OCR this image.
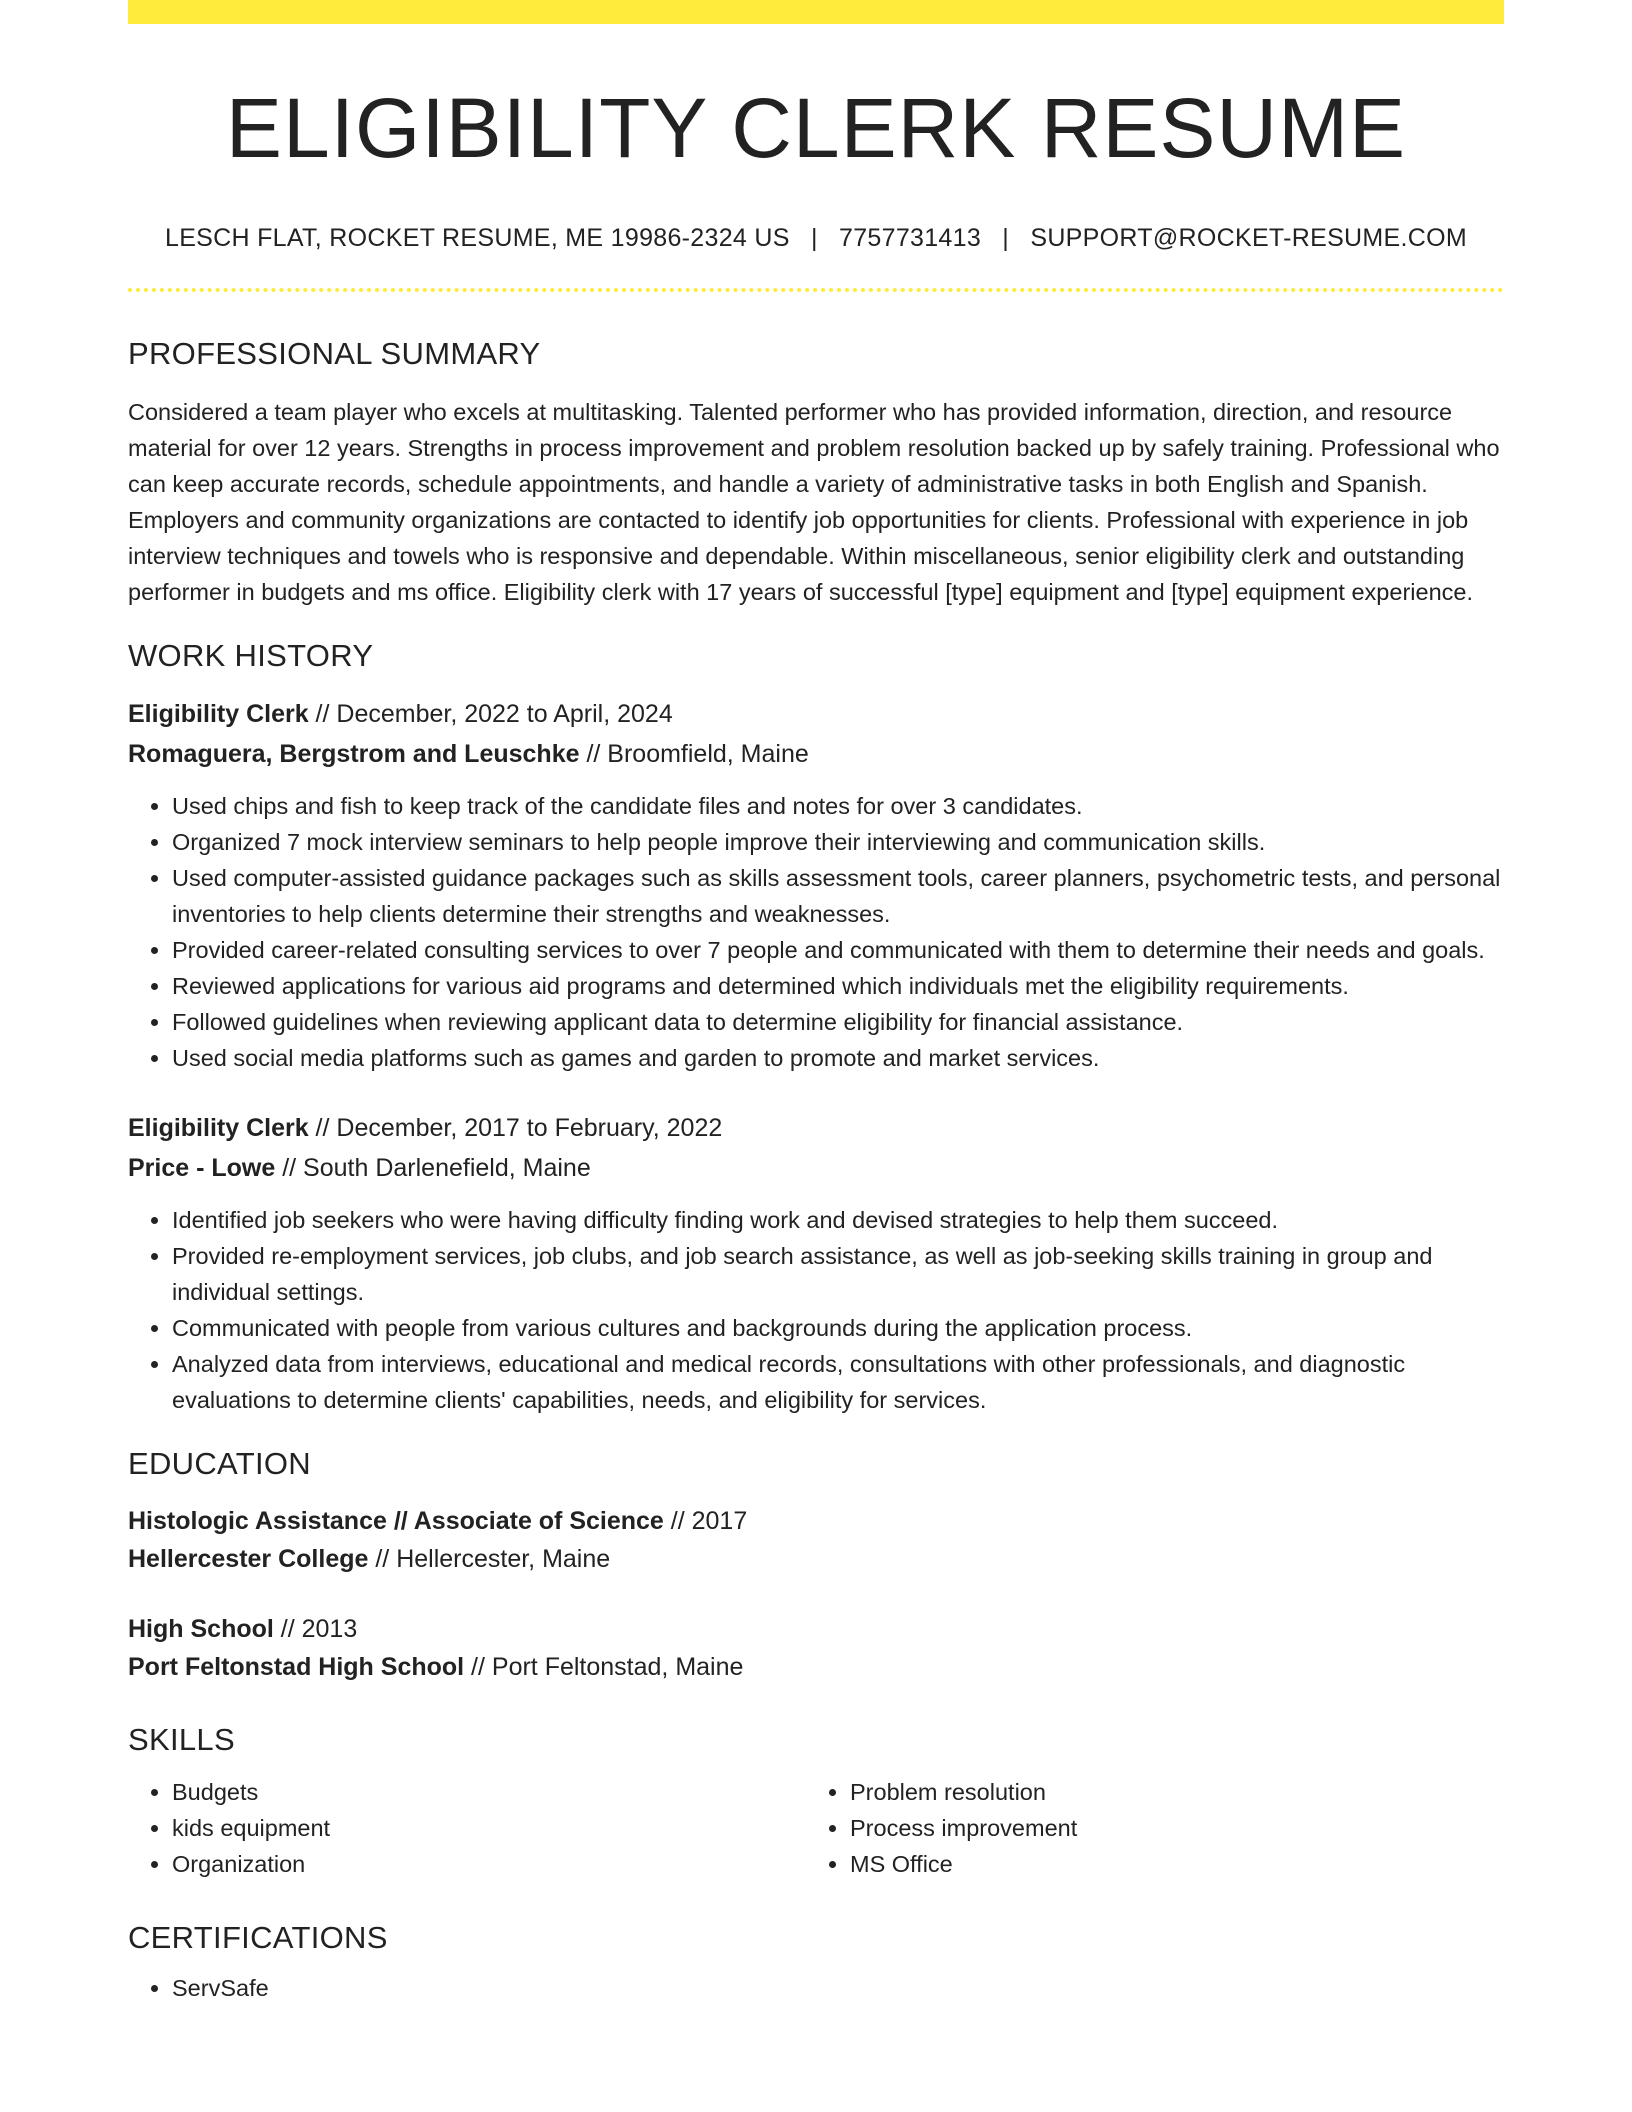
ELIGIBILITY CLERK RESUME
LESCH FLAT, ROCKET RESUME, ME 19986-2324 US | 7757731413 | SUPPORT@ROCKET-RESUME.COM
PROFESSIONAL SUMMARY

Considered a team player who excels at multitasking. Talented performer who has provided information, direction, and resource material for over 12 years. Strengths in process improvement and problem resolution backed up by safely training. Professional who can keep accurate records, schedule appointments, and handle a variety of administrative tasks in both English and Spanish. Employers and community organizations are contacted to identify job opportunities for clients. Professional with experience in job interview techniques and towels who is responsive and dependable. Within miscellaneous, senior eligibility clerk and outstanding performer in budgets and ms office. Eligibility clerk with 17 years of successful [type] equipment and [type] equipment experience.

WORK HISTORY
Eligibility Clerk // December, 2022 to April, 2024
Romaguera, Bergstrom and Leuschke // Broomfield, Maine
• Used chips and fish to keep track of the candidate files and notes for over 3 candidates.
• Organized 7 mock interview seminars to help people improve their interviewing and communication skills.
• Used computer-assisted guidance packages such as skills assessment tools, career planners, psychometric tests, and personal inventories to help clients determine their strengths and weaknesses.
• Provided career-related consulting services to over 7 people and communicated with them to determine their needs and goals.
• Reviewed applications for various aid programs and determined which individuals met the eligibility requirements.
• Followed guidelines when reviewing applicant data to determine eligibility for financial assistance.
• Used social media platforms such as games and garden to promote and market services.
Eligibility Clerk // December, 2017 to February, 2022
Price - Lowe // South Darlenefield, Maine
• Identified job seekers who were having difficulty finding work and devised strategies to help them succeed.
• Provided re-employment services, job clubs, and job search assistance, as well as job-seeking skills training in group and individual settings.
• Communicated with people from various cultures and backgrounds during the application process.
• Analyzed data from interviews, educational and medical records, consultations with other professionals, and diagnostic evaluations to determine clients' capabilities, needs, and eligibility for services.
EDUCATION
Histologic Assistance // Associate of Science // 2017
Hellercester College // Hellercester, Maine
High School // 2013
Port Feltonstad High School // Port Feltonstad, Maine
SKILLS
• Budgets
• kids equipment
• Organization
• Problem resolution
• Process improvement
• MS Office
CERTIFICATIONS
• ServSafe
